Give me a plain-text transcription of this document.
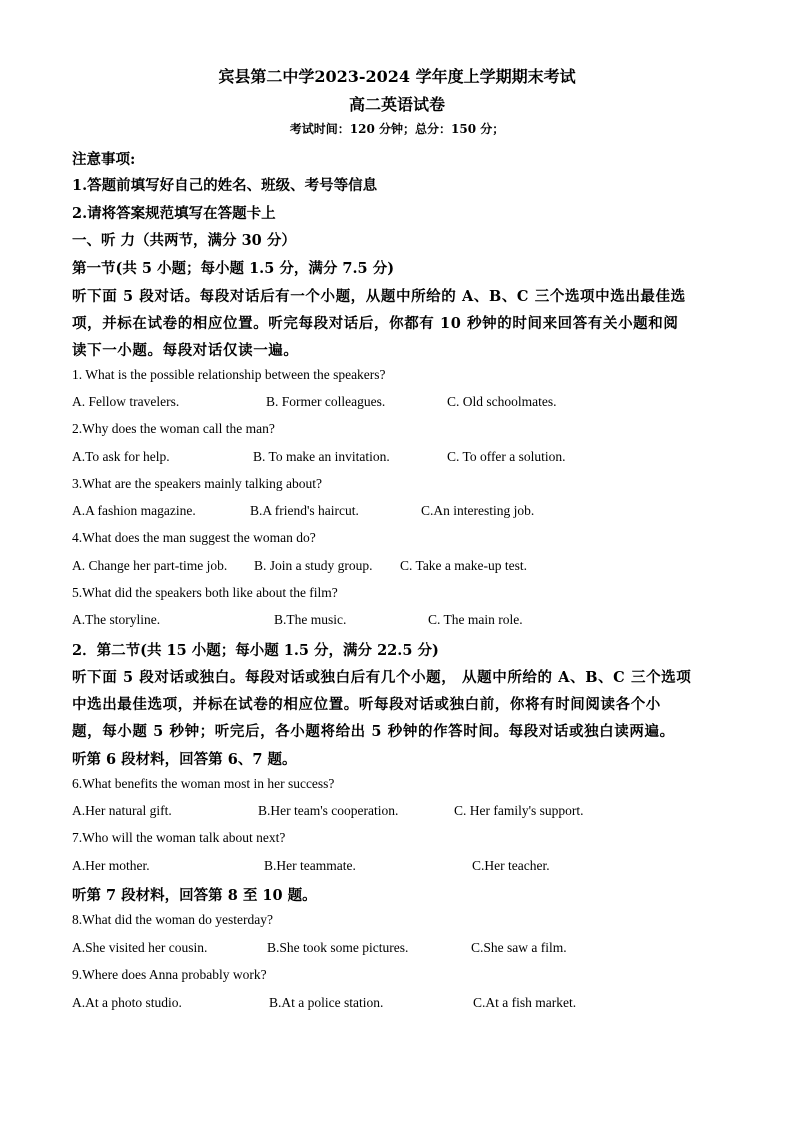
宾县第二中学2023-2024 学年度上学期期末考试
高二英语试卷
考试时间：120 分钟；总分：150 分；
注意事项:
1.答题前填写好自己的姓名、班级、考号等信息
2.请将答案规范填写在答题卡上
一、听 力（共两节，满分 30 分）
第一节(共 5 小题；每小题 1.5 分，满分 7.5 分)
听下面 5 段对话。每段对话后有一个小题，从题中所给的 A、B、C 三个选项中选出最佳选
项，并标在试卷的相应位置。听完每段对话后，你都有 10 秒钟的时间来回答有关小题和阅
读下一小题。每段对话仅读一遍。
1. What is the possible relationship between the speakers?
A. Fellow travelers.	B. Former colleagues.	C. Old schoolmates.
2.Why does the woman call the man?
A.To ask for help.	B. To make an invitation.	C. To offer a solution.
3.What are the speakers mainly talking about?
A.A fashion magazine.	B.A friend's haircut.	C.An interesting job.
4.What does the man suggest the woman do?
A. Change her part-time job. B. Join a study group. C. Take a make-up test.
5.What did the speakers both like about the film?
A.The storyline.	B.The music.	C. The main role.
2．第二节(共 15 小题；每小题 1.5 分，满分 22.5 分)
听下面 5 段对话或独白。每段对话或独白后有几个小题， 从题中所给的 A、B、C 三个选项
中选出最佳选项，并标在试卷的相应位置。听每段对话或独白前，你将有时间阅读各个小
题，每小题 5 秒钟；听完后，各小题将给出 5 秒钟的作答时间。每段对话或独白读两遍。
听第 6 段材料，回答第 6、7 题。
6.What benefits the woman most in her success?
A.Her natural gift.	B.Her team's cooperation.	C. Her family's support.
7.Who will the woman talk about next?
A.Her mother.	B.Her teammate.	C.Her teacher.
听第 7 段材料，回答第 8 至 10 题。
8.What did the woman do yesterday?
A.She visited her cousin.	B.She took some pictures.	C.She saw a film.
9.Where does Anna probably work?
A.At a photo studio.	B.At a police station.	C.At a fish market.
